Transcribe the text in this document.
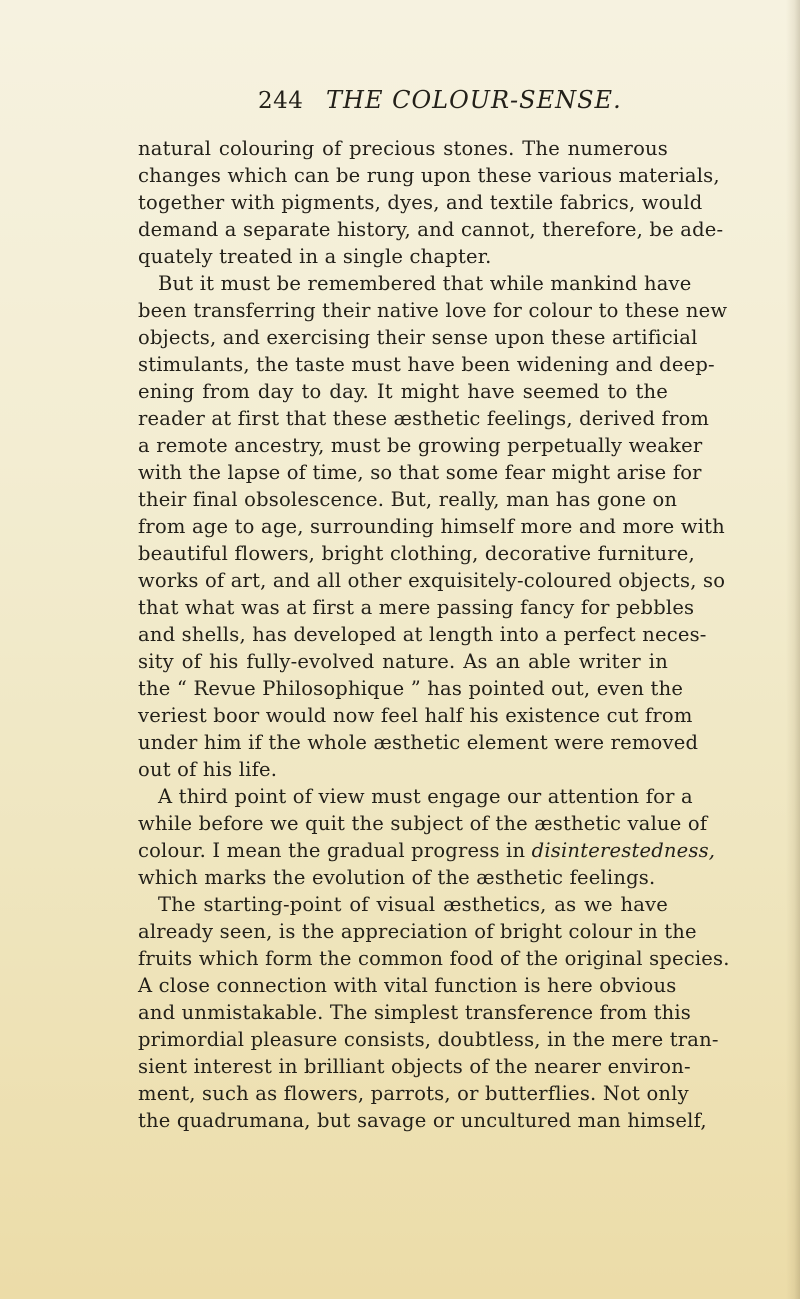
244 THE COLOUR-SENSE.
natural colouring of precious stones. The numerous
changes which can be rung upon these various materials,
together with pigments, dyes, and textile fabrics, would
demand a separate history, and cannot, therefore, be ade-
quately treated in a single chapter.
But it must be remembered that while mankind have
been transferring their native love for colour to these new
objects, and exercising their sense upon these artificial
stimulants, the taste must have been widening and deep-
ening from day to day. It might have seemed to the
reader at first that these æsthetic feelings, derived from
a remote ancestry, must be growing perpetually weaker
with the lapse of time, so that some fear might arise for
their final obsolescence. But, really, man has gone on
from age to age, surrounding himself more and more with
beautiful flowers, bright clothing, decorative furniture,
works of art, and all other exquisitely-coloured objects, so
that what was at first a mere passing fancy for pebbles
and shells, has developed at length into a perfect neces-
sity of his fully-evolved nature. As an able writer in
the “ Revue Philosophique ” has pointed out, even the
veriest boor would now feel half his existence cut from
under him if the whole æsthetic element were removed
out of his life.
A third point of view must engage our attention for a
while before we quit the subject of the æsthetic value of
colour. I mean the gradual progress in disinterestedness,
which marks the evolution of the æsthetic feelings.
The starting-point of visual æsthetics, as we have
already seen, is the appreciation of bright colour in the
fruits which form the common food of the original species.
A close connection with vital function is here obvious
and unmistakable. The simplest transference from this
primordial pleasure consists, doubtless, in the mere tran-
sient interest in brilliant objects of the nearer environ-
ment, such as flowers, parrots, or butterflies. Not only
the quadrumana, but savage or uncultured man himself,
